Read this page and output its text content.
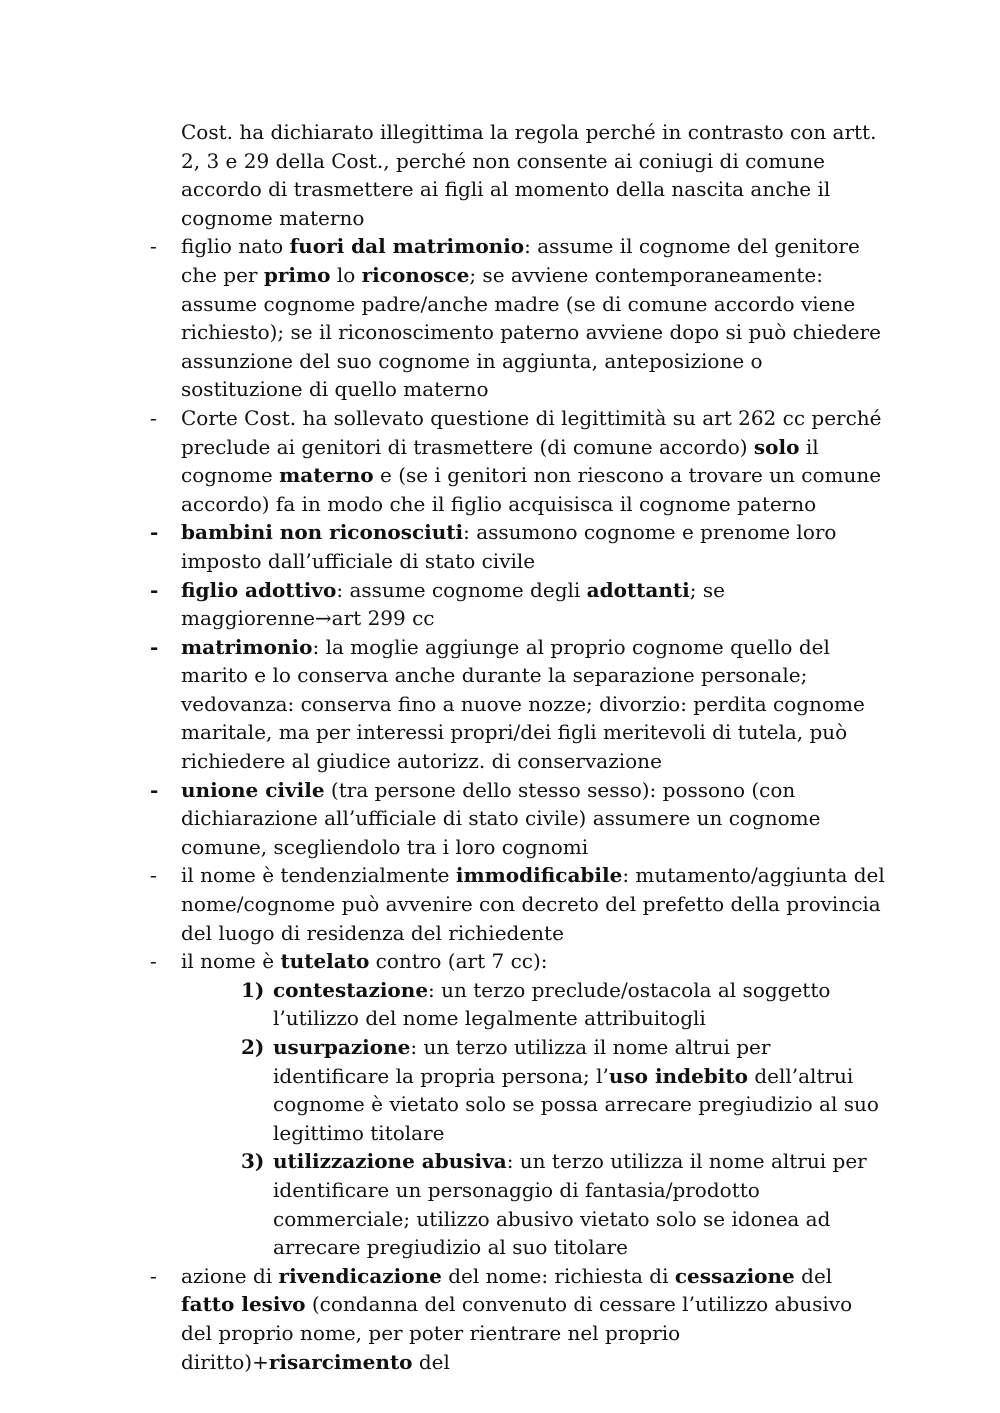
Cost. ha dichiarato illegittima la regola perché in contrasto con artt. 2, 3 e 29 della Cost., perché non consente ai coniugi di comune accordo di trasmettere ai figli al momento della nascita anche il cognome materno
-	figlio nato fuori dal matrimonio: assume il cognome del genitore che per primo lo riconosce; se avviene contemporaneamente: assume cognome padre/anche madre (se di comune accordo viene richiesto); se il riconoscimento paterno avviene dopo si può chiedere assunzione del suo cognome in aggiunta, anteposizione o sostituzione di quello materno
-	Corte Cost. ha sollevato questione di legittimità su art 262 cc perché preclude ai genitori di trasmettere (di comune accordo) solo il cognome materno e (se i genitori non riescono a trovare un comune accordo) fa in modo che il figlio acquisisca il cognome paterno
-	bambini non riconosciuti: assumono cognome e prenome loro imposto dall’ufficiale di stato civile
-	figlio adottivo: assume cognome degli adottanti; se maggiorenne→art 299 cc
-	matrimonio: la moglie aggiunge al proprio cognome quello del marito e lo conserva anche durante la separazione personale; vedovanza: conserva fino a nuove nozze; divorzio: perdita cognome maritale, ma per interessi propri/dei figli meritevoli di tutela, può richiedere al giudice autorizz. di conservazione
-	unione civile (tra persone dello stesso sesso): possono (con dichiarazione all’ufficiale di stato civile) assumere un cognome comune, scegliendolo tra i loro cognomi
-	il nome è tendenzialmente immodificabile: mutamento/aggiunta del nome/cognome può avvenire con decreto del prefetto della provincia del luogo di residenza del richiedente
-	il nome è tutelato contro (art 7 cc):
1) contestazione: un terzo preclude/ostacola al soggetto l’utilizzo del nome legalmente attribuitogli
2) usurpazione: un terzo utilizza il nome altrui per identificare la propria persona; l’uso indebito dell’altrui cognome è vietato solo se possa arrecare pregiudizio al suo legittimo titolare
3) utilizzazione abusiva: un terzo utilizza il nome altrui per identificare un personaggio di fantasia/prodotto commerciale; utilizzo abusivo vietato solo se idonea ad arrecare pregiudizio al suo titolare
-	azione di rivendicazione del nome: richiesta di cessazione del fatto lesivo (condanna del convenuto di cessare l’utilizzo abusivo del proprio nome, per poter rientrare nel proprio diritto)+risarcimento del
